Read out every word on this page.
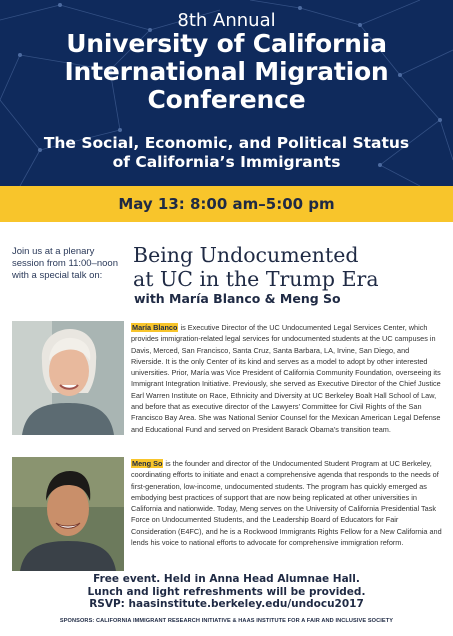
8th Annual
University of California
International Migration
Conference
The Social, Economic, and Political Status
of California’s Immigrants
May 13: 8:00 am–5:00 pm
Join us at a plenary
session from 11:00–noon
with a special talk on:
Being Undocumented
at UC in the Trump Era
with María Blanco & Meng So
María Blanco is Executive Director of the UC Undocumented Legal Services Center, which provides immigration-related legal services for undocumented students at the UC campuses in Davis, Merced, San Francisco, Santa Cruz, Santa Barbara, LA, Irvine, San Diego, and Riverside. It is the only Center of its kind and serves as a model to adopt by other interested universities. Prior, María was Vice President of California Community Foundation, overseeing its Immigrant Integration Initiative. Previously, she served as Executive Director of the Chief Justice Earl Warren Institute on Race, Ethnicity and Diversity at UC Berkeley Boalt Hall School of Law, and before that as executive director of the Lawyers’ Committee for Civil Rights of the San Francisco Bay Area. She was National Senior Counsel for the Mexican American Legal Defense and Educational Fund and served on President Barack Obama’s transition team.
Meng So is the founder and director of the Undocumented Student Program at UC Berkeley, coordinating efforts to initiate and enact a comprehensive agenda that responds to the needs of first-generation, low-income, undocumented students. The program has quickly emerged as embodying best practices of support that are now being replicated at other universities in California and nationwide. Today, Meng serves on the University of California Presidential Task Force on Undocumented Students, and the Leadership Board of Educators for Fair Consideration (E4FC), and he is a Rockwood Immigrants Rights Fellow for a New California and lends his voice to national efforts to advocate for comprehensive immigration reform.
Free event. Held in Anna Head Alumnae Hall.
Lunch and light refreshments will be provided.
RSVP: haasinstitute.berkeley.edu/undocu2017
SPONSORS: CALIFORNIA IMMIGRANT RESEARCH INITIATIVE & HAAS INSTITUTE FOR A FAIR AND INCLUSIVE SOCIETY
